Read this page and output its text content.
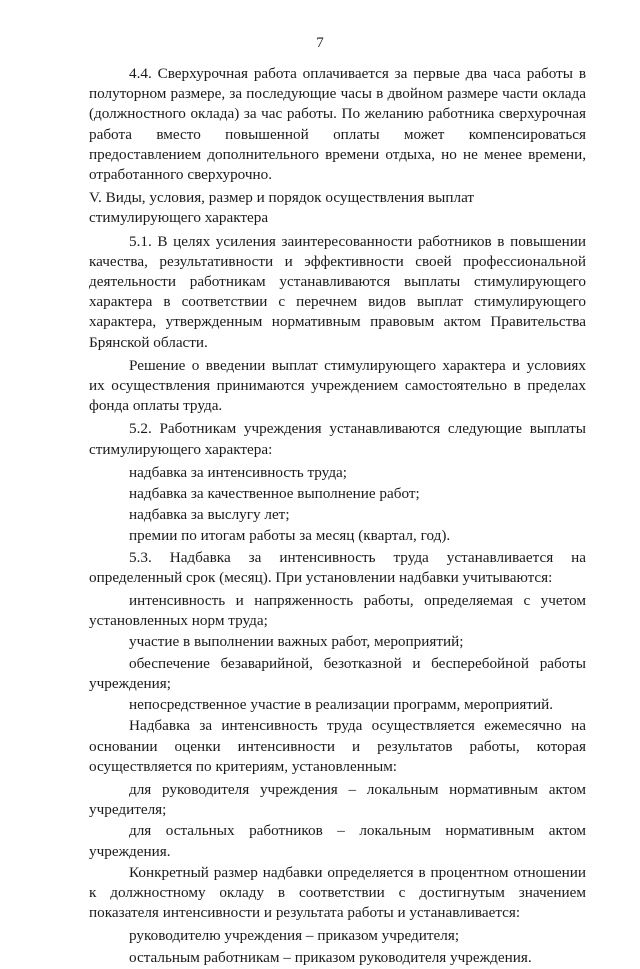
7

4.4. Сверхурочная работа оплачивается за первые два часа работы в полуторном размере, за последующие часы в двойном размере части оклада (должностного оклада) за час работы. По желанию работника сверхурочная работа вместо повышенной оплаты может компенсироваться предоставлением дополнительного времени отдыха, но не менее времени, отработанного сверхурочно.

V. Виды, условия, размер и порядок осуществления выплат
стимулирующего характера

5.1. В целях усиления заинтересованности работников в повышении качества, результативности и эффективности своей профессиональной деятельности работникам устанавливаются выплаты стимулирующего характера в соответствии с перечнем видов выплат стимулирующего характера, утвержденным нормативным правовым актом Правительства Брянской области.

Решение о введении выплат стимулирующего характера и условиях их осуществления принимаются учреждением самостоятельно в пределах фонда оплаты труда.

5.2. Работникам учреждения устанавливаются следующие выплаты стимулирующего характера:

надбавка за интенсивность труда;

надбавка за качественное выполнение работ;

надбавка за выслугу лет;

премии по итогам работы за месяц (квартал, год).

5.3. Надбавка за интенсивность труда устанавливается на определенный срок (месяц). При установлении надбавки учитываются:

интенсивность и напряженность работы, определяемая с учетом установленных норм труда;

участие в выполнении важных работ, мероприятий;

обеспечение безаварийной, безотказной и бесперебойной работы учреждения;

непосредственное участие в реализации программ, мероприятий.

Надбавка за интенсивность труда осуществляется ежемесячно на основании оценки интенсивности и результатов работы, которая осуществляется по критериям, установленным:

для руководителя учреждения – локальным нормативным актом учредителя;

для остальных работников – локальным нормативным актом учреждения.

Конкретный размер надбавки определяется в процентном отношении к должностному окладу в соответствии с достигнутым значением показателя интенсивности и результата работы и устанавливается:

руководителю учреждения – приказом учредителя;

остальным работникам – приказом руководителя учреждения.
